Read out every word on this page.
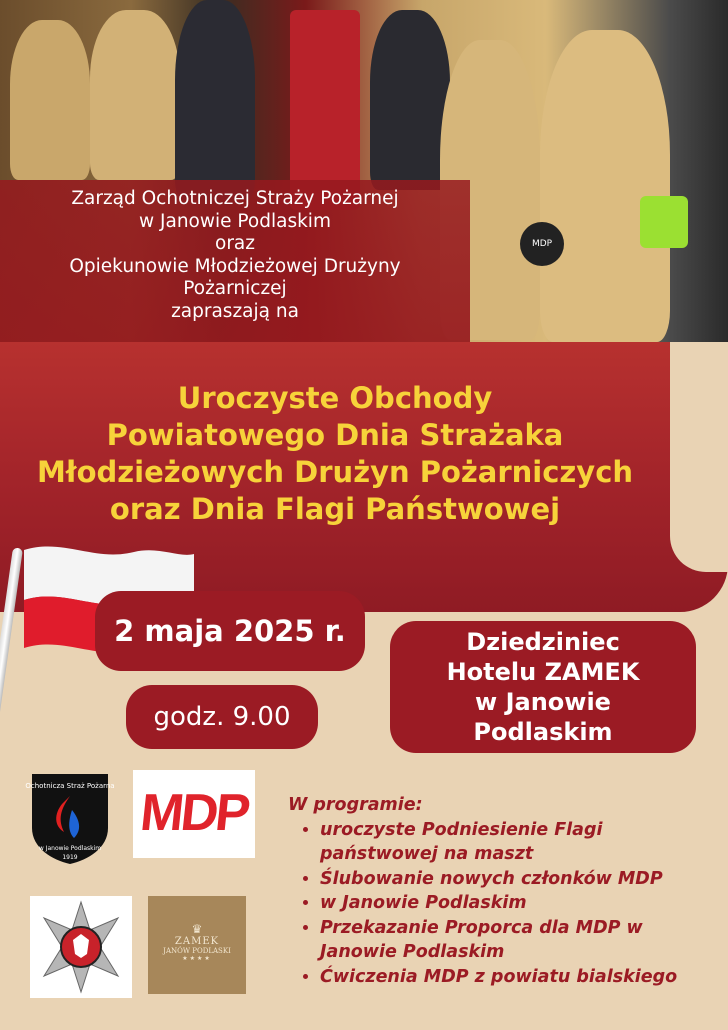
MDP
Zarząd Ochotniczej Straży Pożarnej
w Janowie Podlaskim
oraz
Opiekunowie Młodzieżowej Drużyny
Pożarniczej
zapraszają na
Uroczyste Obchody
Powiatowego Dnia Strażaka
Młodzieżowych Drużyn Pożarniczych
oraz Dnia Flagi Państwowej
2 maja 2025 r.
godz. 9.00
Dziedziniec
Hotelu ZAMEK
w Janowie
Podlaskim
Ochotnicza Straż Pożarna
w Janowie Podlaskim
1919
MDP
♛
ZAMEK
JANÓW PODLASKI
★★★★
W programie:
• uroczyste Podniesienie Flagi państwowej na maszt
• Ślubowanie nowych członków MDP
• w Janowie Podlaskim
• Przekazanie Proporca dla MDP w Janowie Podlaskim
• Ćwiczenia MDP z powiatu bialskiego
